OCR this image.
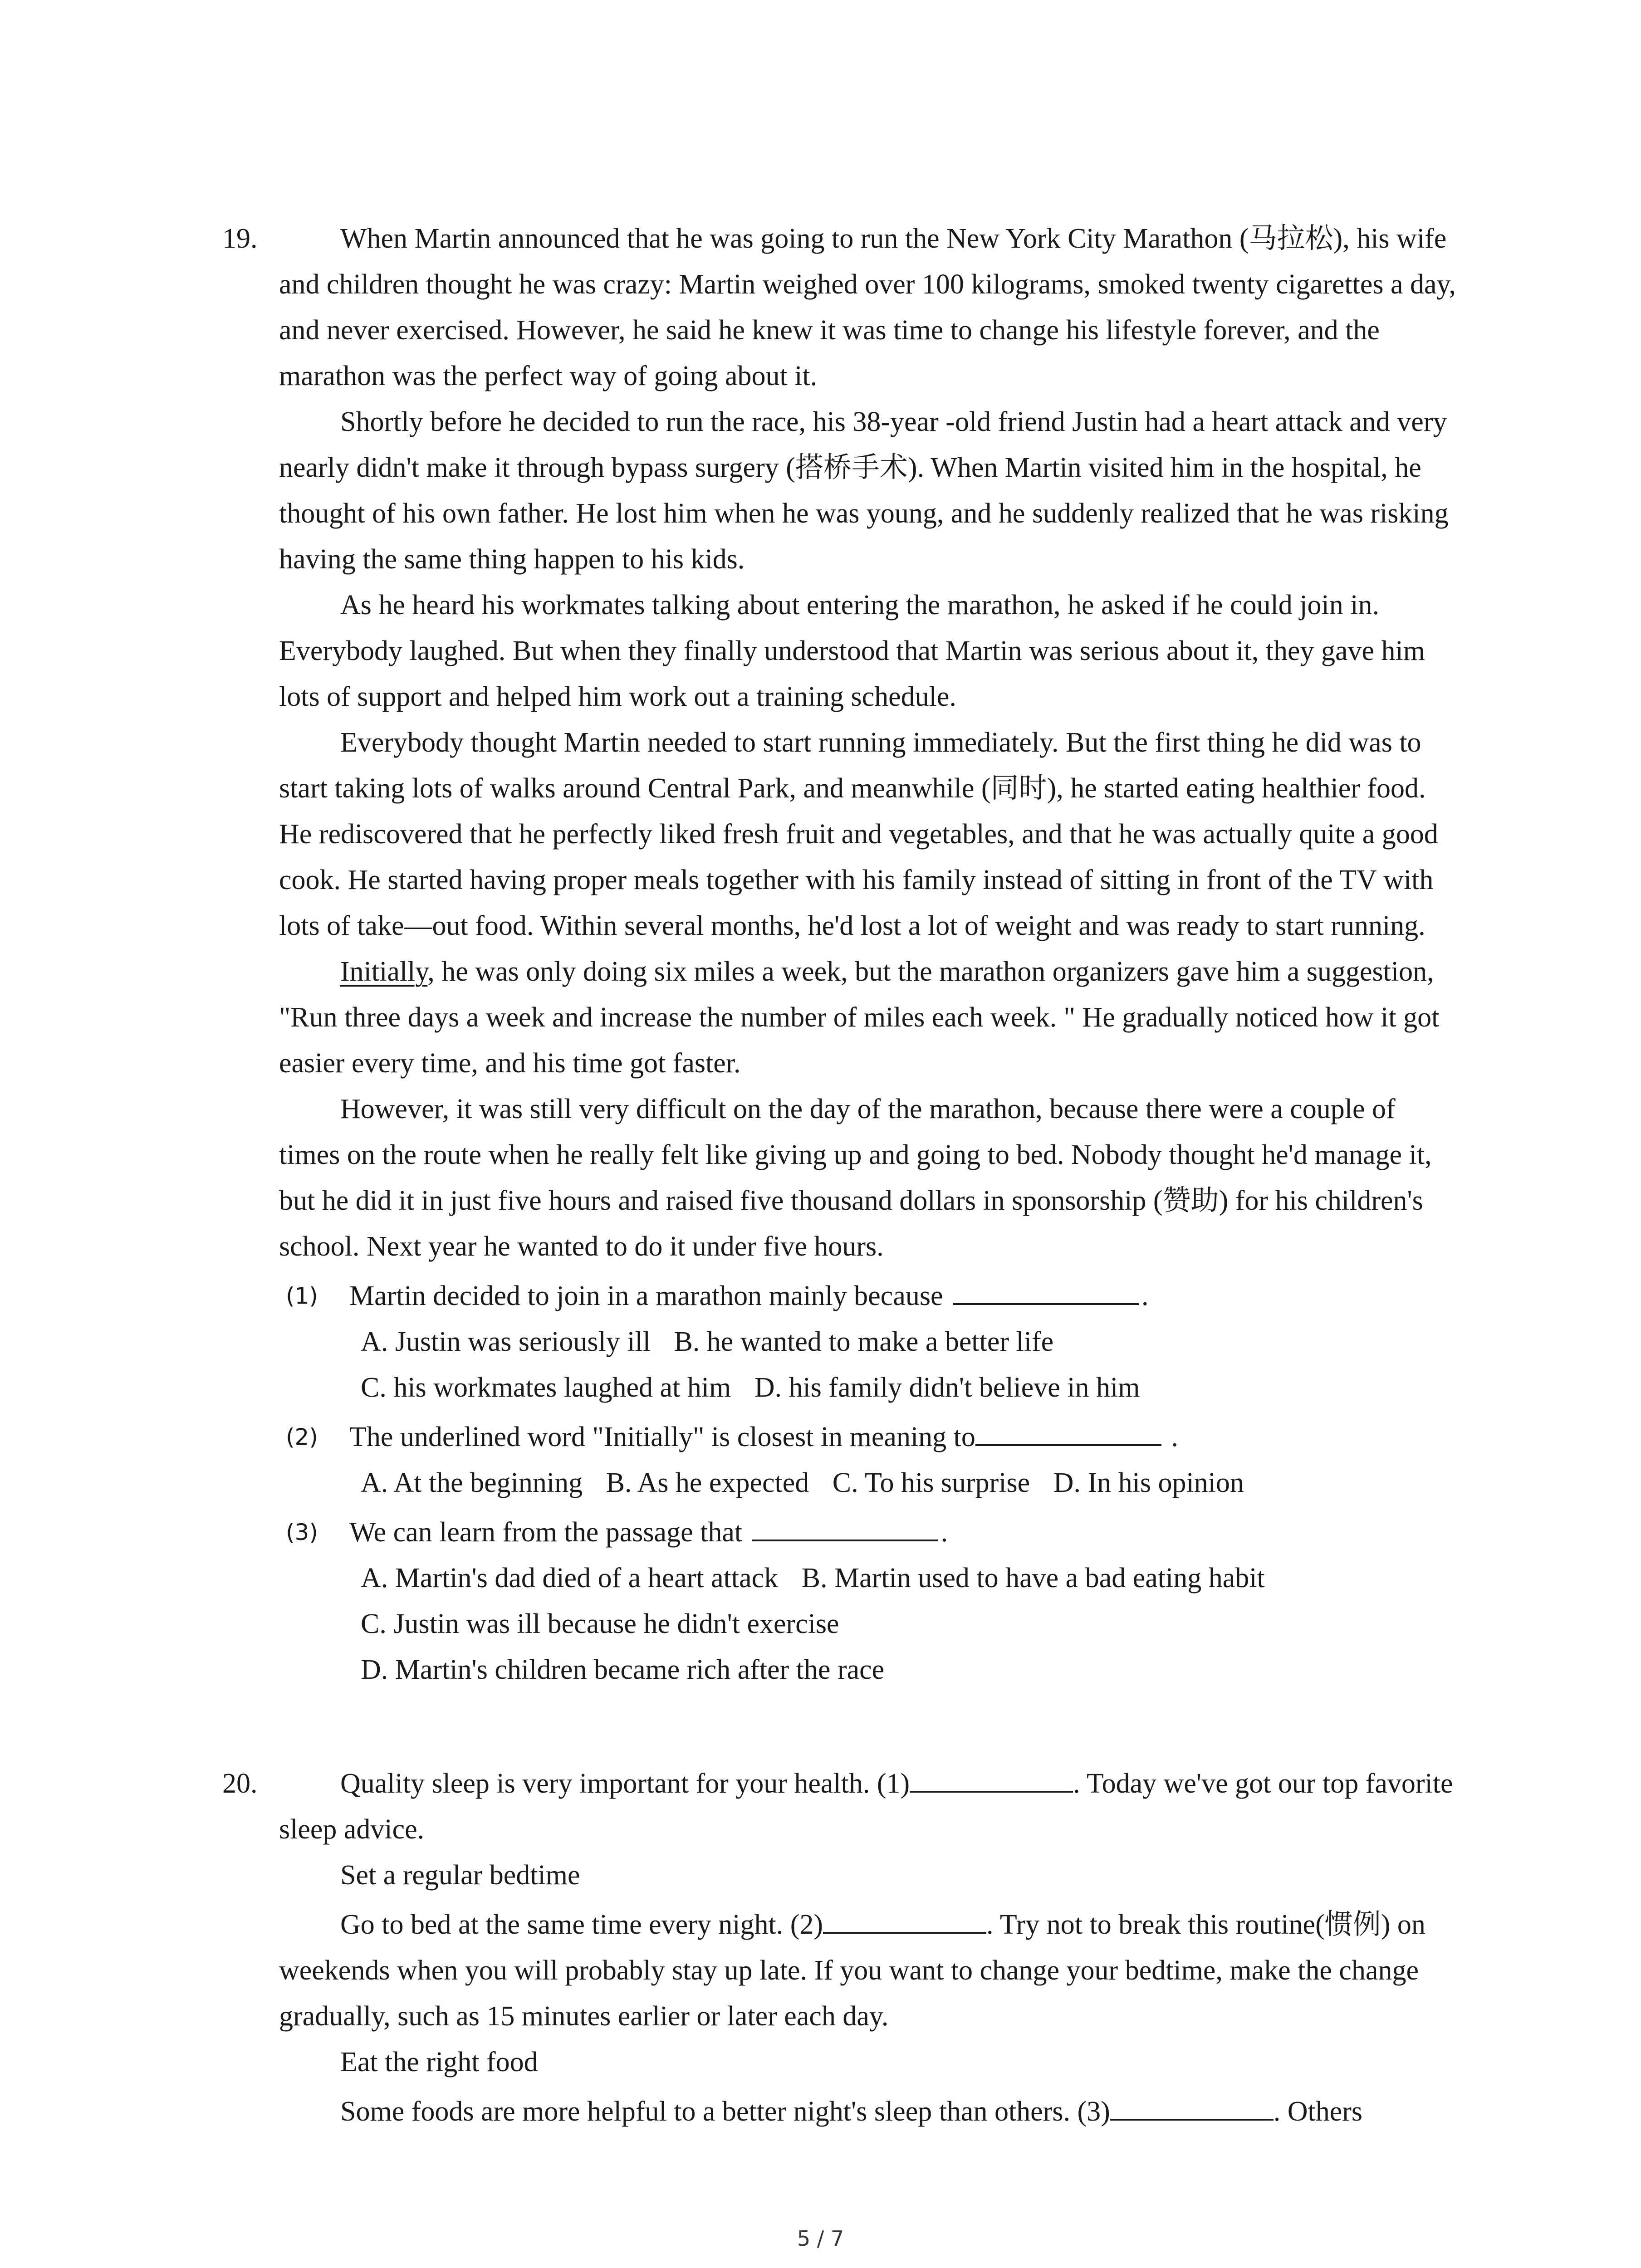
19.	When Martin announced that he was going to run the New York City Marathon (马拉松), his wife and children thought he was crazy: Martin weighed over 100 kilograms, smoked twenty cigarettes a day, and never exercised. However, he said he knew it was time to change his lifestyle forever, and the marathon was the perfect way of going about it.

Shortly before he decided to run the race, his 38-year -old friend Justin had a heart attack and very nearly didn't make it through bypass surgery (搭桥手术). When Martin visited him in the hospital, he thought of his own father. He lost him when he was young, and he suddenly realized that he was risking having the same thing happen to his kids.

As he heard his workmates talking about entering the marathon, he asked if he could join in. Everybody laughed. But when they finally understood that Martin was serious about it, they gave him lots of support and helped him work out a training schedule.

Everybody thought Martin needed to start running immediately. But the first thing he did was to start taking lots of walks around Central Park, and meanwhile (同时), he started eating healthier food. He rediscovered that he perfectly liked fresh fruit and vegetables, and that he was actually quite a good cook. He started having proper meals together with his family instead of sitting in front of the TV with lots of take—out food. Within several months, he'd lost a lot of weight and was ready to start running.

Initially, he was only doing six miles a week, but the marathon organizers gave him a suggestion, "Run three days a week and increase the number of miles each week. " He gradually noticed how it got easier every time, and his time got faster.

However, it was still very difficult on the day of the marathon, because there were a couple of times on the route when he really felt like giving up and going to bed. Nobody thought he'd manage it, but he did it in just five hours and raised five thousand dollars in sponsorship (赞助) for his children's school. Next year he wanted to do it under five hours.

(1) Martin decided to join in a marathon mainly because	.
A. Justin was seriously ill B. he wanted to make a better life
C. his workmates laughed at him D. his family didn't believe in him
(2) The underlined word "Initially" is closest in meaning to	.
A. At the beginning B. As he expected C. To his surprise D. In his opinion
(3) We can learn from the passage that	.
A. Martin's dad died of a heart attack B. Martin used to have a bad eating habit
C. Justin was ill because he didn't exercise
D. Martin's children became rich after the race
20.	Quality sleep is very important for your health. (1)	. Today we've got our top favorite sleep advice.

Set a regular bedtime

Go to bed at the same time every night. (2)	. Try not to break this routine(惯例) on weekends when you will probably stay up late. If you want to change your bedtime, make the change gradually, such as 15 minutes earlier or later each day.

Eat the right food

Some foods are more helpful to a better night's sleep than others. (3)	. Others

5 / 7
